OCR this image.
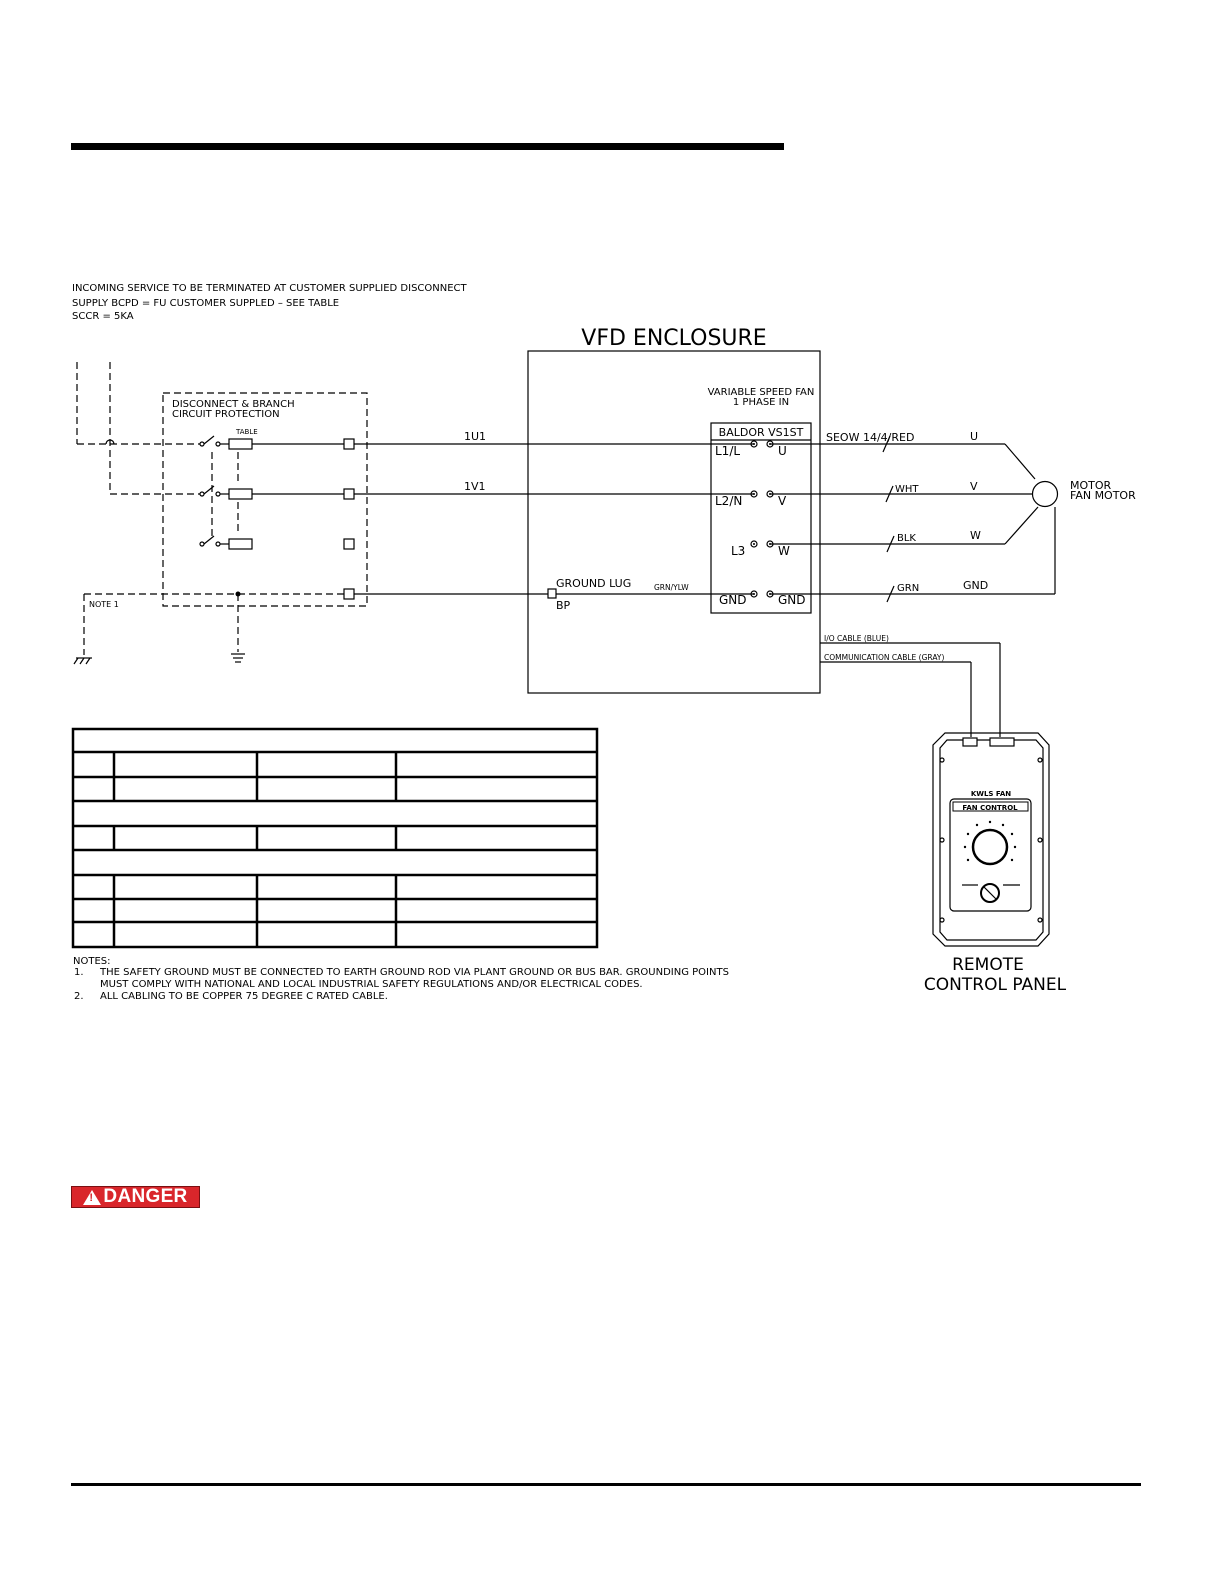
INCOMING SERVICE TO BE TERMINATED AT CUSTOMER SUPPLIED DISCONNECT
SUPPLY BCPD = FU CUSTOMER SUPPLED – SEE TABLE
SCCR = 5KA
DISCONNECT & BRANCH
CIRCUIT PROTECTION
TABLE
NOTE 1
1U1
1V1
VFD ENCLOSURE
VARIABLE SPEED FAN
1 PHASE IN
BALDOR VS1ST
L1/L
L2/N
L3
GND
U
V
W
GND
GROUND LUG
BP
GRN/YLW
SEOW 14/4/RED
WHT
BLK
GRN
U
V
W
GND
MOTOR
FAN MOTOR
I/O CABLE (BLUE)
COMMUNICATION CABLE (GRAY)
KWLS FAN
FAN CONTROL
REMOTE
CONTROL PANEL
NOTES:
1. THE SAFETY GROUND MUST BE CONNECTED TO EARTH GROUND ROD VIA PLANT GROUND OR BUS BAR. GROUNDING POINTS
MUST COMPLY WITH NATIONAL AND LOCAL INDUSTRIAL SAFETY REGULATIONS AND/OR ELECTRICAL CODES.
2. ALL CABLING TO BE COPPER 75 DEGREE C RATED CABLE.
!
DANGER
